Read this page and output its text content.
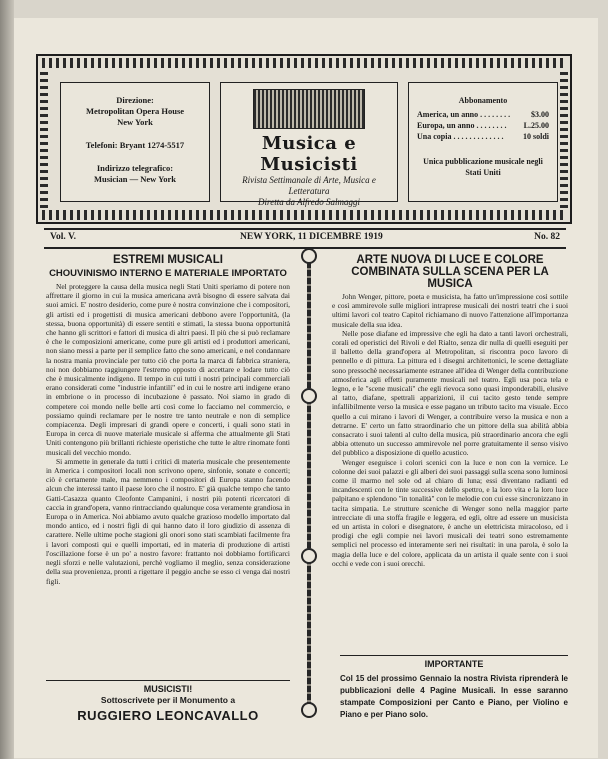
Direzione:
Metropolitan Opera House
New York
Telefoni: Bryant 1274-5517
Indirizzo telegrafico:
Musician — New York
Musica e Musicisti
Rivista Settimanale di Arte, Musica e Letteratura
Diretta da Alfredo Salmaggi
Abbonamento
America, un anno . . . . . . . .	$3.00
Europa, un anno . . . . . . . . L.25.00
Una copia . . . . . . . . . . . . . 10 soldi
Unica pubblicazione musicale negli Stati Uniti
Vol. V.	NEW YORK, 11 DICEMBRE 1919	No. 82
ESTREMI MUSICALI
CHOUVINISMO INTERNO E MATERIALE IMPORTATO

Nel proteggere la causa della musica negli Stati Uniti speriamo di potere non affrettare il giorno in cui la musica americana avrà bisogno di essere salvata dai suoi amici. E' nostro desiderio, come pure è nostra convinzione che i compositori, gli artisti ed i progettisti di musica americani debbono avere l'opportunità, (la stessa, buona opportunità) di essere sentiti e stimati, la stessa buona opportunità che hanno gli scrittori e fattori di musica di altri paesi. Il più che si può reclamare è che le composizioni americane, come pure gli artisti ed i produttori americani, non siano messi a parte per il semplice fatto che sono americani, e nel condannare la nostra mania provinciale per tutto ciò che porta la marca di fabbrica straniera, noi non dobbiamo raggiungere l'estremo opposto di accettare e lodare tutto ciò che è musicalmente indigeno. Il tempo in cui tutti i nostri principali commerciali erano considerati come "industrie infantili" ed in cui le nostre arti indigene erano in embrione o in processo di incubazione è passato. Noi siamo in grado di competere coi mondo nelle belle arti così come lo facciamo nel commercio, e possiamo quindi reclamare per le nostre tre tanto neutrale e non di semplice compiacenza. Degli impresari di grandi opere e concerti, i quali sono stati in Europa in cerca di nuove materiale musicale si afferma che attualmente gli Stati Uniti contengono più brillanti richieste operistiche che tutte le altre rinomate fonti musicali del vecchio mondo.

Si ammette in generale da tutti i critici di materia musicale che presentemente in America i compositori locali non scrivono opere, sinfonie, sonate e concerti; ciò è certamente male, ma nemmeno i compositori di Europa stanno facendo alcun che interessi tanto il paese loro che il nostro. E' già qualche tempo che tanto Gatti-Casazza quanto Cleofonte Campanini, i nostri più potenti ricercatori di caccia in grand'opera, vanno rintracciando qualunque cosa veramente grandiosa in Europa o in America. Noi abbiamo avuto qualche grazioso modello importato dal mondo antico, ed i nostri figli di qui hanno dato il loro giudizio di assenza di carattere. Nelle ultime poche stagioni gli onori sono stati scambiati facilmente fra i lavori composti qui e quelli importati, ed in materia di produzione di artisti l'oscillazione forse è un po' a nostro favore: frattanto noi dobbiamo fortificarci negli sforzi e nelle valutazioni, perchè vogliamo il meglio, senza considerazione della sua provenienza, pronti a rigettare il peggio anche se esso ci venga dai nostri figli.

ARTE NUOVA DI LUCE E COLORE COMBINATA SULLA SCENA PER LA MUSICA

John Wenger, pittore, poeta e musicista, ha fatto un'impressione così sottile e così ammirevole sulle migliori intraprese musicali dei nostri teatri che i suoi ultimi lavori col teatro Capitol richiamano di nuovo l'attenzione all'importanza musicale della sua idea.

Nelle pose diafane ed impressive che egli ha dato a tanti lavori orchestrali, corali ed operistici del Rivoli e del Rialto, senza dir nulla di quelli eseguiti per il balletto della grand'opera al Metropolitan, si riscontra poco lavoro di pennello e di pittura. La pittura ed i disegni architettonici, le scene dettagliate sono pressochè necessariamente estranee all'idea di Wenger della contribuzione atmosferica agli effetti puramente musicali nel teatro. Egli usa poca tela e legno, e le "scene musicali" che egli rievoca sono quasi imponderabili, elusive al tatto, diafane, spettrali apparizioni, il cui tacito gesto tende sempre infallibilmente verso la musica e esse pagano un tributo tacito ma visuale. Ecco quello a cui mirano i lavori di Wenger, a contribuire verso la musica e non a detrarne. E' certo un fatto straordinario che un pittore della sua abilità abbia consacrato i suoi talenti al culto della musica, più straordinario ancora che egli abbia ottenuto un successo ammirevole nel porre gratuitamente il senso visivo del pubblico a disposizione di quello acustico.

Wenger eseguisce i colori scenici con la luce e non con la vernice. Le colonne dei suoi palazzi e gli alberi dei suoi passaggi sulla scena sono luminosi come il marmo nel sole od al chiaro di luna; essi diventano radianti ed incandescenti con le tinte successive dello spettro, e la loro vita e la loro luce palpitano e splendono "in tonalità" con le melodie con cui esse sincronizzano in tacita simpatia. Le strutture sceniche di Wenger sono nella maggior parte intrecciate di una stoffa fragile e leggera, ed egli, oltre ad essere un musicista ed un artista in colori e disegnatore, è anche un elettricista miracoloso, ed i prodigi che egli compie nei lavori musicali dei teatri sono estremamente semplici nel processo ed interamente seri nei risultati: in una parola, è solo la magia della luce e del colore, applicata da un artista il quale sente con i suoi occhi e vede con i suoi orecchi.

MUSICISTI!
Sottoscrivete per il Monumento a
RUGGIERO LEONCAVALLO
IMPORTANTE
Col 15 del prossimo Gennaio la nostra Rivista riprenderà le pubblicazioni delle 4 Pagine Musicali. In esse saranno stampate Composizioni per Canto e Piano, per Violino e Piano e per Piano solo.
